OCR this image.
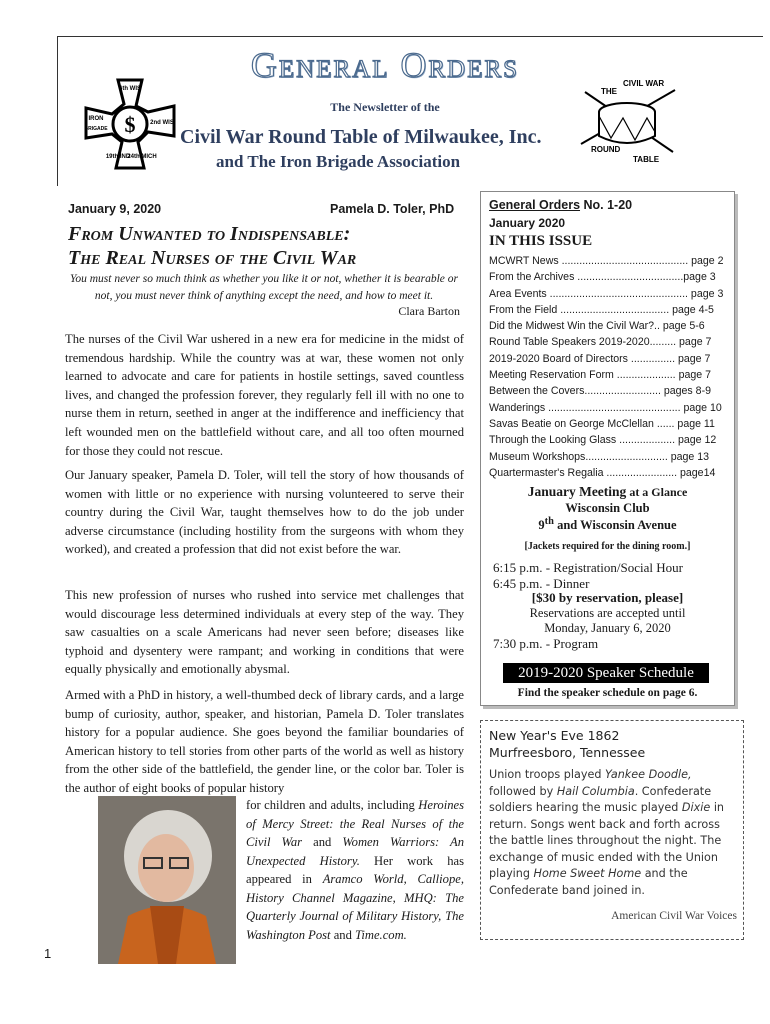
$
6th WIS
IRON
BRIGADE
2nd WIS
19th IND
24th MICH
General Orders
The Newsletter of the
Civil War Round Table of Milwaukee, Inc.
and The Iron Brigade Association
THE
CIVIL WAR
ROUND
TABLE
January 9, 2020	Pamela D. Toler, PhD
From Unwanted to Indispensable:
The Real Nurses of the Civil War
You must never so much think as whether you like it or not, whether it is bearable or not, you must never think of anything except the need, and how to meet it.
Clara Barton
The nurses of the Civil War ushered in a new era for medicine in the midst of tremendous hardship. While the country was at war, these women not only learned to advocate and care for patients in hostile settings, saved countless lives, and changed the profession forever, they regularly fell ill with no one to nurse them in return, seethed in anger at the indifference and inefficiency that left wounded men on the battlefield without care, and all too often mourned for those they could not rescue.
Our January speaker, Pamela D. Toler, will tell the story of how thousands of women with little or no experience with nursing volunteered to serve their country during the Civil War, taught themselves how to do the job under adverse circumstance (including hostility from the surgeons with whom they worked), and created a profession that did not exist before the war.
This new profession of nurses who rushed into service met challenges that would discourage less determined individuals at every step of the way. They saw casualties on a scale Americans had never seen before; diseases like typhoid and dysentery were rampant; and working in conditions that were equally physically and emotionally abysmal.
Armed with a PhD in history, a well-thumbed deck of library cards, and a large bump of curiosity, author, speaker, and historian, Pamela D. Toler translates history for a popular audience. She goes beyond the familiar boundaries of American history to tell stories from other parts of the world as well as history from the other side of the battlefield, the gender line, or the color bar. Toler is the author of eight books of popular history
for children and adults, including Heroines of Mercy Street: the Real Nurses of the Civil War and Women Warriors: An Unexpected History. Her work has appeared in Aramco World, Calliope, History Channel Magazine, MHQ: The Quarterly Journal of Military History, The Washington Post and Time.com.
1
General Orders No. 1-20
January 2020
IN THIS ISSUE
MCWRT News ........................................... page 2
From the Archives ....................................page 3
Area Events ............................................... page 3
From the Field ..................................... page 4-5
Did the Midwest Win the Civil War?.. page 5-6
Round Table Speakers 2019-2020......... page 7
2019-2020 Board of Directors ............... page 7
Meeting Reservation Form .................... page 7
Between the Covers.......................... pages 8-9
Wanderings ............................................. page 10
Savas Beatie on George McClellan ...... page 11
Through the Looking Glass ................... page 12
Museum Workshops............................ page 13
Quartermaster's Regalia ........................ page14
January Meeting at a Glance
Wisconsin Club
9th and Wisconsin Avenue
[Jackets required for the dining room.]
6:15 p.m. - Registration/Social Hour
6:45 p.m. - Dinner
[$30 by reservation, please]
Reservations are accepted until
Monday, January 6, 2020
7:30 p.m. - Program
2019-2020 Speaker Schedule
Find the speaker schedule on page 6.
New Year's Eve 1862
Murfreesboro, Tennessee
Union troops played Yankee Doodle, followed by Hail Columbia. Confederate soldiers hearing the music played Dixie in return. Songs went back and forth across the battle lines throughout the night. The exchange of music ended with the Union playing Home Sweet Home and the Confederate band joined in.
American Civil War Voices
